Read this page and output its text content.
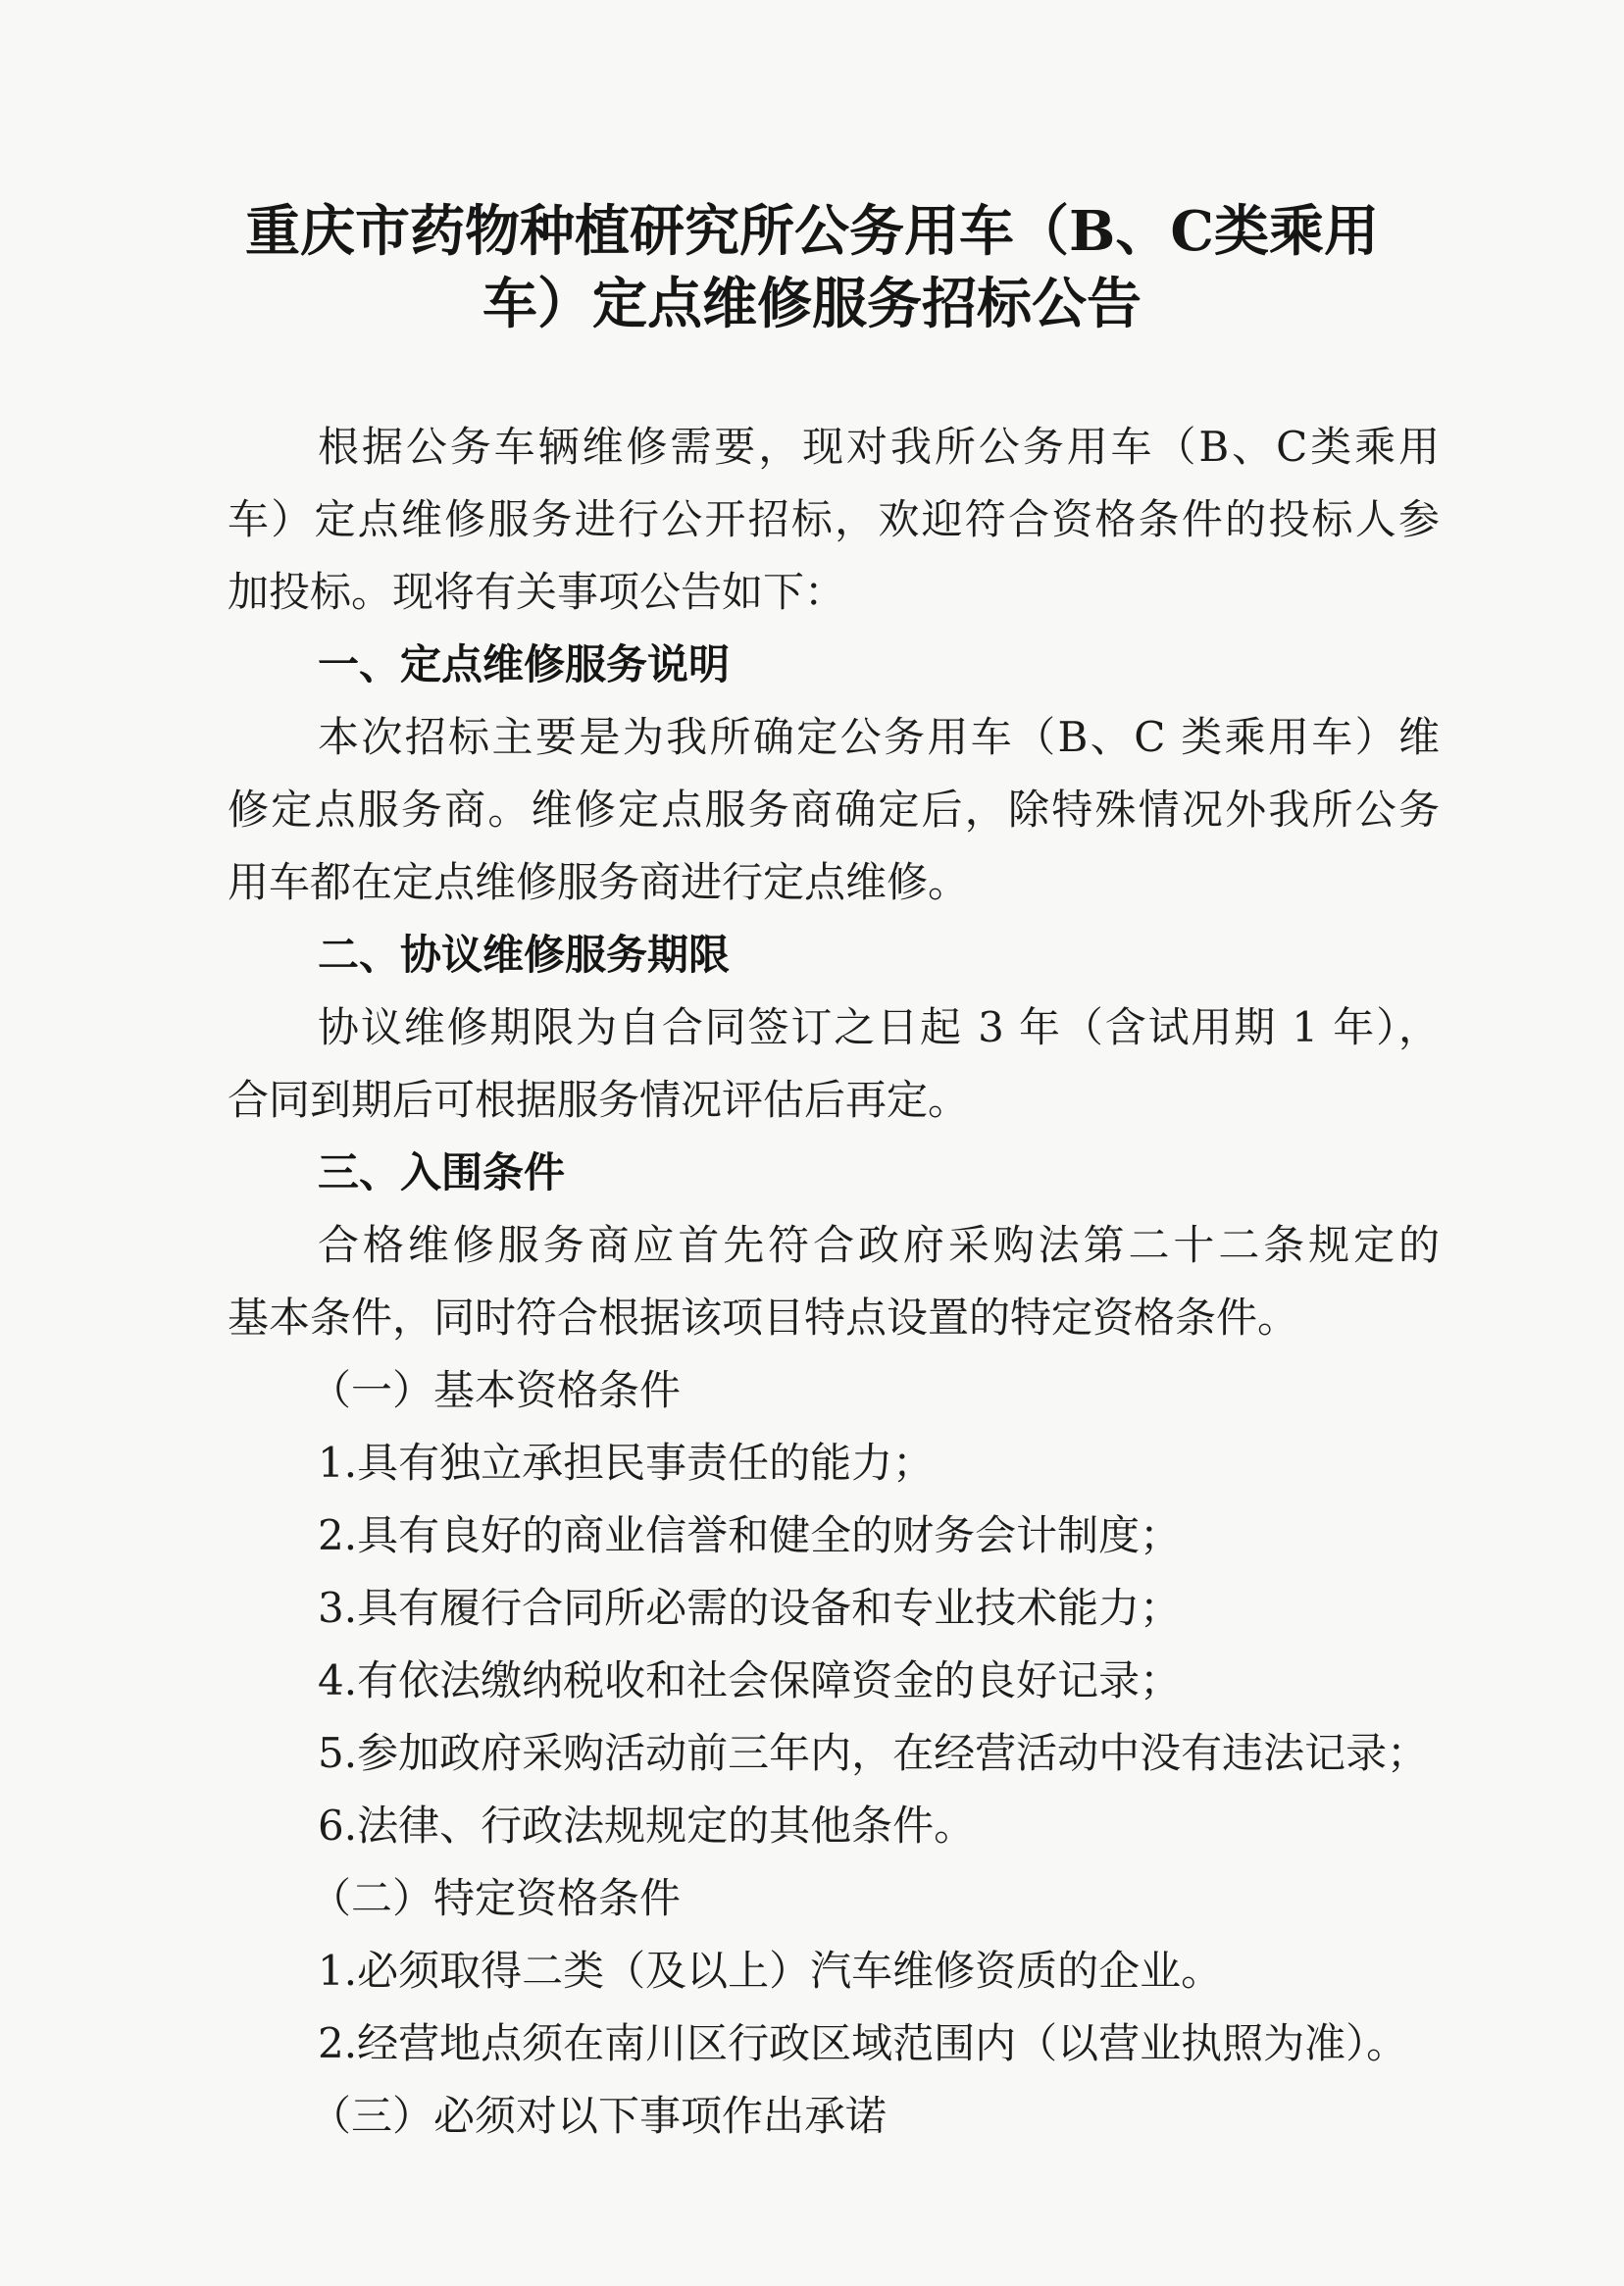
重庆市药物种植研究所公务用车（B、C类乘用
车）定点维修服务招标公告

根据公务车辆维修需要，现对我所公务用车（B、C类乘用

车）定点维修服务进行公开招标，欢迎符合资格条件的投标人参

加投标。现将有关事项公告如下：

一、定点维修服务说明

本次招标主要是为我所确定公务用车（B、C 类乘用车）维

修定点服务商。维修定点服务商确定后，除特殊情况外我所公务

用车都在定点维修服务商进行定点维修。

二、协议维修服务期限

协议维修期限为自合同签订之日起 3 年（含试用期 1 年），

合同到期后可根据服务情况评估后再定。

三、入围条件

合格维修服务商应首先符合政府采购法第二十二条规定的

基本条件，同时符合根据该项目特点设置的特定资格条件。

（一）基本资格条件

1.具有独立承担民事责任的能力；

2.具有良好的商业信誉和健全的财务会计制度；

3.具有履行合同所必需的设备和专业技术能力；

4.有依法缴纳税收和社会保障资金的良好记录；

5.参加政府采购活动前三年内，在经营活动中没有违法记录；

6.法律、行政法规规定的其他条件。

（二）特定资格条件

1.必须取得二类（及以上）汽车维修资质的企业。

2.经营地点须在南川区行政区域范围内（以营业执照为准）。

（三）必须对以下事项作出承诺
